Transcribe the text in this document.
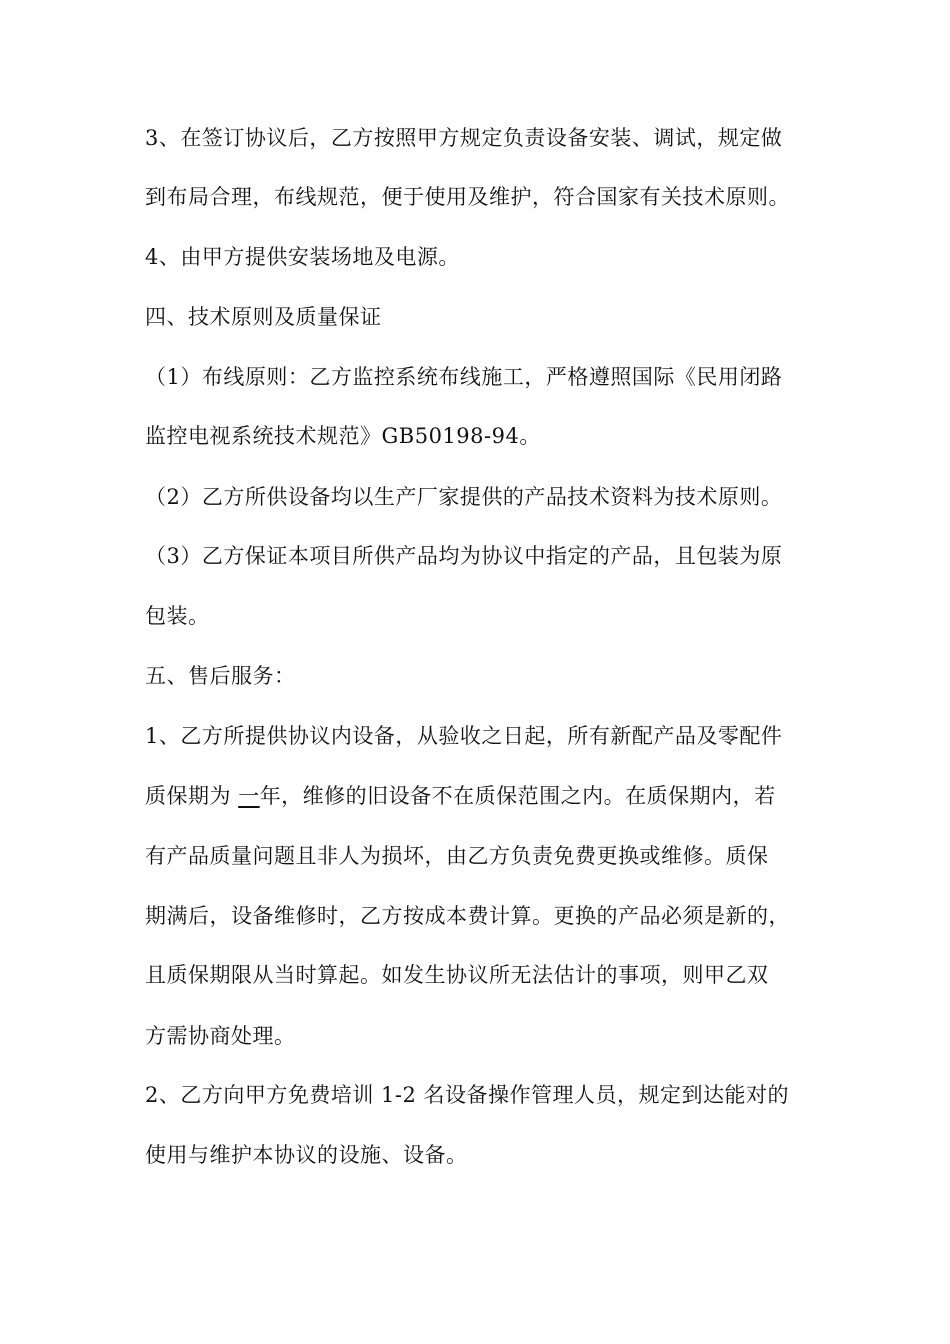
3、在签订协议后，乙方按照甲方规定负责设备安装、调试，规定做
到布局合理，布线规范，便于使用及维护，符合国家有关技术原则。
4、由甲方提供安装场地及电源。
四、技术原则及质量保证
（1）布线原则：乙方监控系统布线施工，严格遵照国际《民用闭路
监控电视系统技术规范》GB50198-94。
（2）乙方所供设备均以生产厂家提供的产品技术资料为技术原则。
（3）乙方保证本项目所供产品均为协议中指定的产品，且包装为原
包装。
五、售后服务：
1、乙方所提供协议内设备，从验收之日起，所有新配产品及零配件
质保期为 一年，维修的旧设备不在质保范围之内。在质保期内，若
有产品质量问题且非人为损坏，由乙方负责免费更换或维修。质保
期满后，设备维修时，乙方按成本费计算。更换的产品必须是新的，
且质保期限从当时算起。如发生协议所无法估计的事项，则甲乙双
方需协商处理。
2、乙方向甲方免费培训 1-2 名设备操作管理人员，规定到达能对的
使用与维护本协议的设施、设备。
